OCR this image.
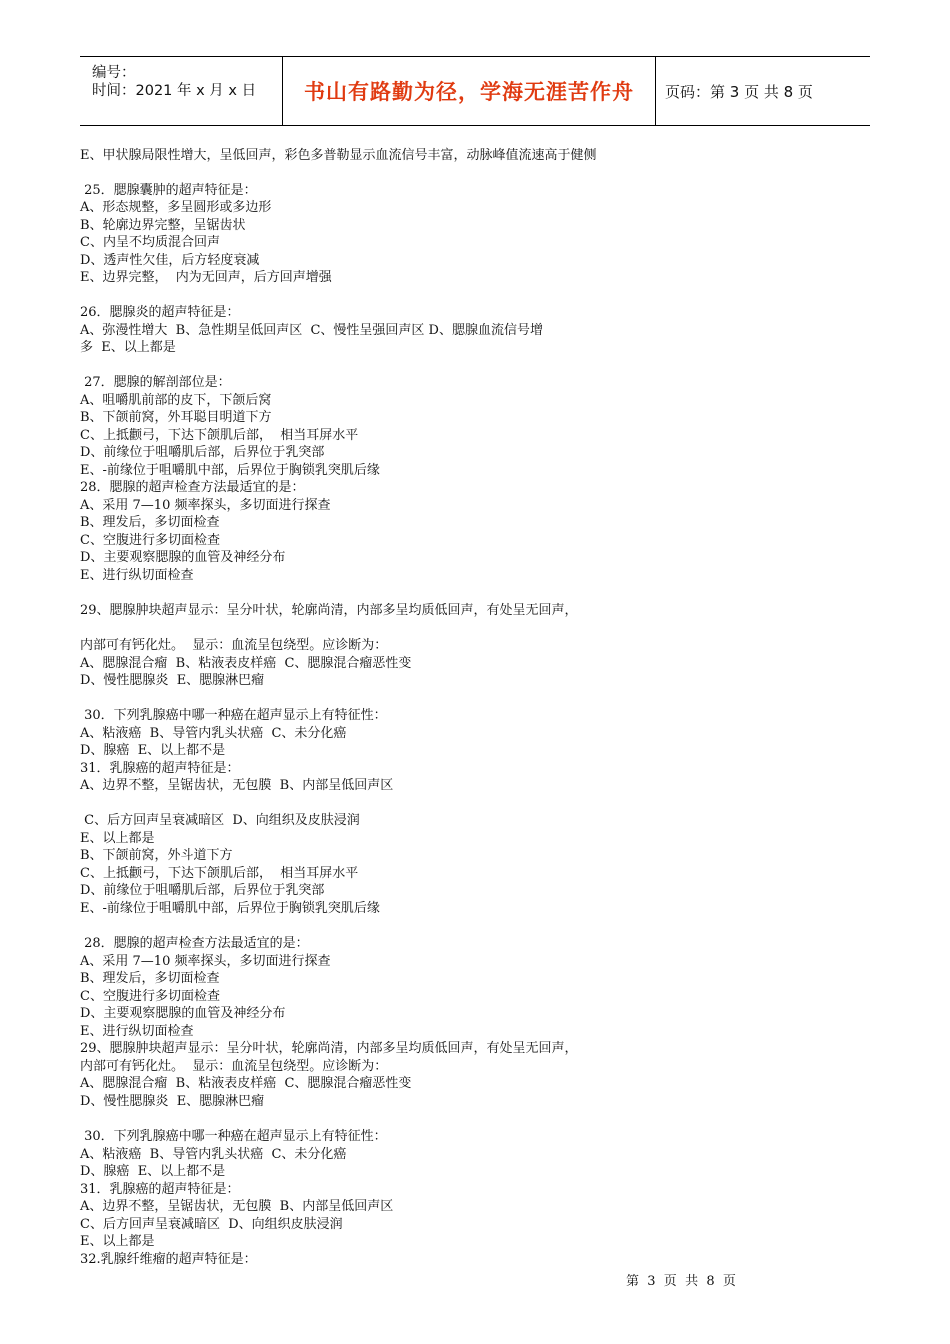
编号：
时间：2021 年 x 月 x 日 书山有路勤为径，学海无涯苦作舟	页码：第 3 页 共 8 页
E、甲状腺局限性增大，呈低回声，彩色多普勒显示血流信号丰富，动脉峰值流速高于健侧
25．腮腺囊肿的超声特征是：
A、形态规整，多呈圆形或多边形
B、轮廓边界完整，呈锯齿状
C、内呈不均质混合回声
D、透声性欠佳，后方轻度衰减
E、边界完整，  内为无回声，后方回声增强
26．腮腺炎的超声特征是：
A、弥漫性增大  B、急性期呈低回声区  C、慢性呈强回声区 D、腮腺血流信号增
多  E、以上都是
27．腮腺的解剖部位是：
A、咀嚼肌前部的皮下，下颌后窝
B、下颌前窝，外耳聪目明道下方
C、上抵颧弓，下达下颌肌后部，  相当耳屏水平
D、前缘位于咀嚼肌后部，后界位于乳突部
E、-前缘位于咀嚼肌中部，后界位于胸锁乳突肌后缘
28．腮腺的超声检查方法最适宜的是：
A、采用 7—10 频率探头，多切面进行探查
B、理发后，多切面检查
C、空腹进行多切面检查
D、主要观察腮腺的血管及神经分布
E、进行纵切面检查
29、腮腺肿块超声显示：呈分叶状，轮廓尚清，内部多呈均质低回声，有处呈无回声，
内部可有钙化灶。  显示：血流呈包绕型。应诊断为：
A、腮腺混合瘤  B、粘液表皮样癌  C、腮腺混合瘤恶性变
D、慢性腮腺炎  E、腮腺淋巴瘤
30．下列乳腺癌中哪一种癌在超声显示上有特征性：
A、粘液癌  B、导管内乳头状癌  C、未分化癌
D、腺癌  E、以上都不是
31．乳腺癌的超声特征是：
A、边界不整，呈锯齿状，无包膜  B、内部呈低回声区
C、后方回声呈衰减暗区  D、向组织及皮肤浸润
E、以上都是
B、下颌前窝，外斗道下方
C、上抵颧弓，下达下颌肌后部，  相当耳屏水平
D、前缘位于咀嚼肌后部，后界位于乳突部
E、-前缘位于咀嚼肌中部，后界位于胸锁乳突肌后缘
28．腮腺的超声检查方法最适宜的是：
A、采用 7—10 频率探头，多切面进行探查
B、理发后，多切面检查
C、空腹进行多切面检查
D、主要观察腮腺的血管及神经分布
E、进行纵切面检查
29、腮腺肿块超声显示：呈分叶状，轮廓尚清，内部多呈均质低回声，有处呈无回声，
内部可有钙化灶。  显示：血流呈包绕型。应诊断为：
A、腮腺混合瘤  B、粘液表皮样癌  C、腮腺混合瘤恶性变
D、慢性腮腺炎  E、腮腺淋巴瘤
30．下列乳腺癌中哪一种癌在超声显示上有特征性：
A、粘液癌  B、导管内乳头状癌  C、未分化癌
D、腺癌  E、以上都不是
31．乳腺癌的超声特征是：
A、边界不整，呈锯齿状，无包膜  B、内部呈低回声区
C、后方回声呈衰减暗区  D、向组织皮肤浸润
E、以上都是
32.乳腺纤维瘤的超声特征是：
第  3  页  共  8  页
